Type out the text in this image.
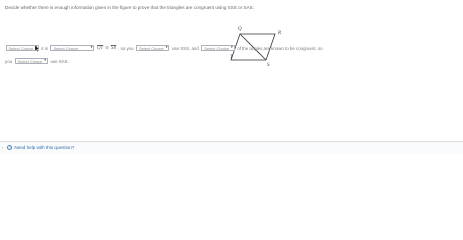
Decide whether there is enough information given in the figure to prove that the triangles are congruent using SSS or SAS.
Q
R
T
S
Select Choice it is Select Choice	▾ $\overline{QT}$ ≅ $\overline{SR}$ , so you Select Choice ▾ use SSS, and Select Choice ▾ of the angles are known to be congruent, so
you Select Choice ▾ use SAS.
›	? Need help with this question?
